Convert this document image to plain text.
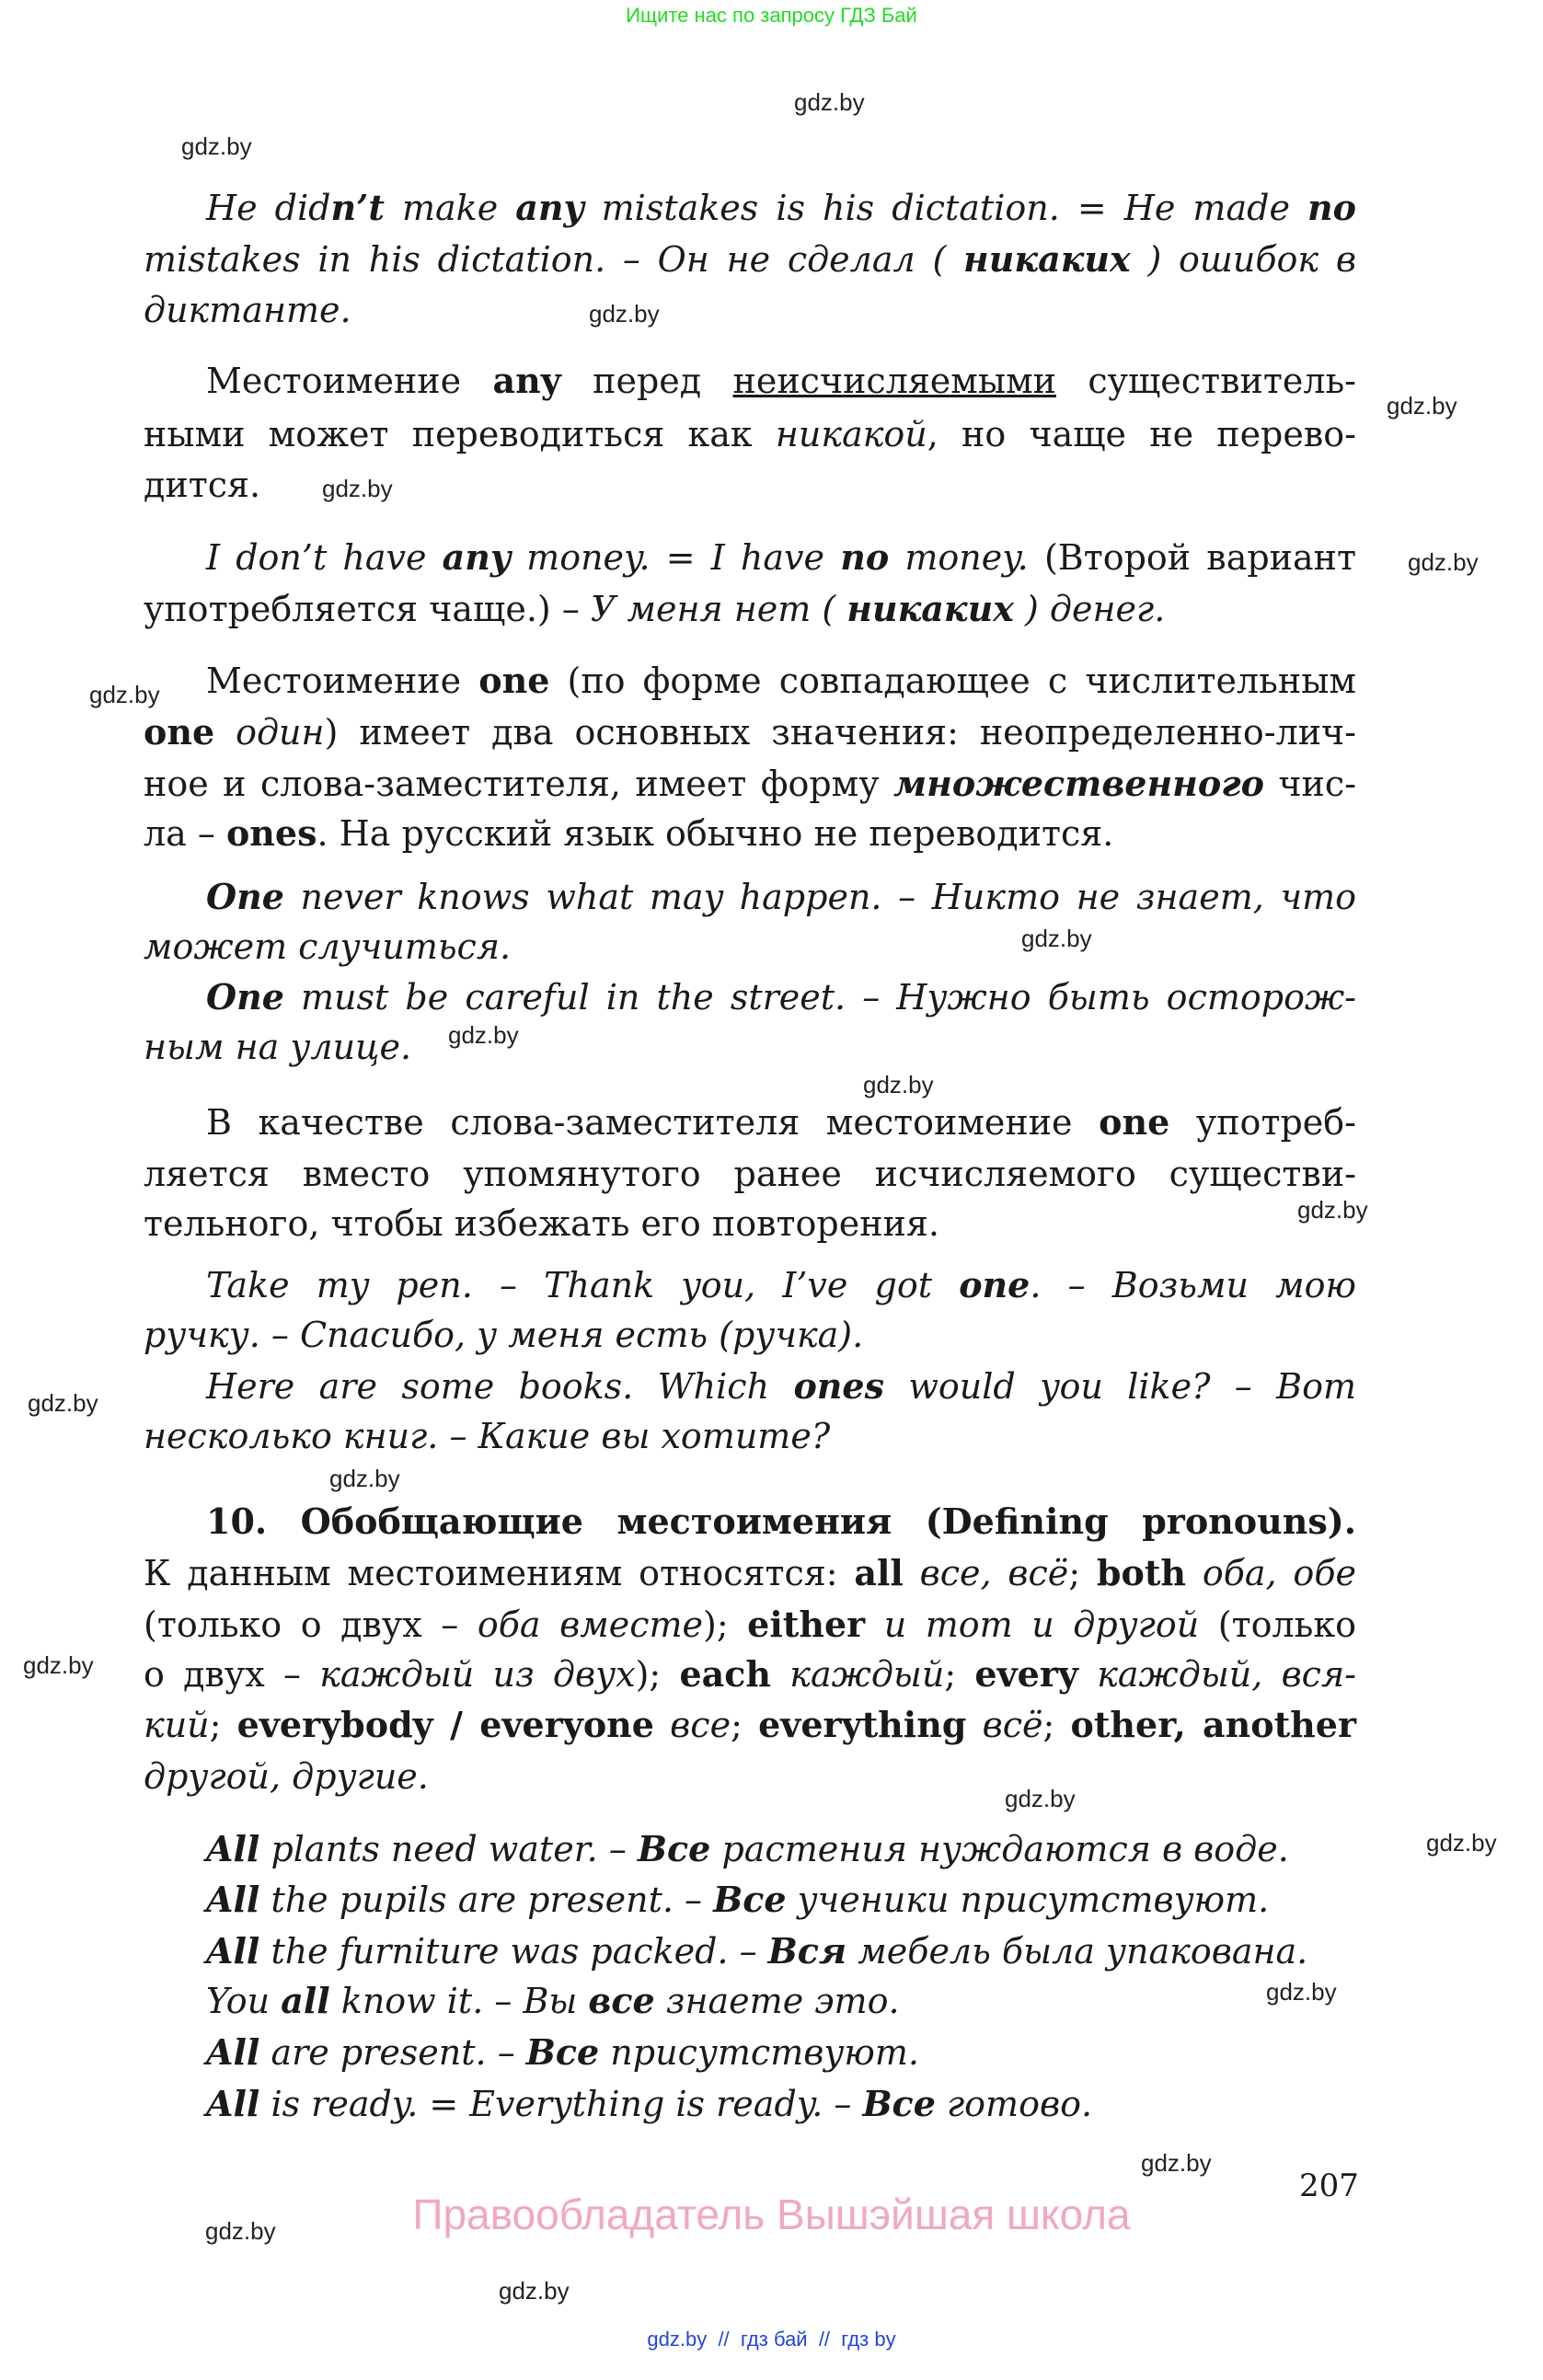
Ищите нас по запросу ГДЗ Бай
gdz.by
gdz.by
gdz.by
gdz.by
gdz.by
gdz.by
gdz.by
gdz.by
gdz.by
gdz.by
gdz.by
gdz.by
gdz.by
gdz.by
gdz.by
gdz.by
gdz.by
gdz.by
gdz.by
gdz.by
He didn’t make any mistakes is his dictation. = He made no
mistakes in his dictation. – Он не сделал ( никаких ) ошибок в
диктанте.
Местоимение any перед неисчисляемыми существитель-
ными может переводиться как никакой, но чаще не перево-
дится.
I don’t have any money. = I have no money. (Второй вариант
употребляется чаще.) – У меня нет ( никаких ) денег.
Местоимение one (по форме совпадающее с числительным
one один) имеет два основных значения: неопределенно-лич-
ное и слова-заместителя, имеет форму множественного чис-
ла – ones. На русский язык обычно не переводится.
One never knows what may happen. – Никто не знает, что
может случиться.
One must be careful in the street. – Нужно быть осторож-
ным на улице.
В качестве слова-заместителя местоимение one употреб-
ляется вместо упомянутого ранее исчисляемого существи-
тельного, чтобы избежать его повторения.
Take my pen. – Thank you, I’ve got one. – Возьми мою
ручку. – Спасибо, у меня есть (ручка).
Here are some books. Which ones would you like? – Вот
несколько книг. – Какие вы хотите?
10. Обобщающие местоимения (Defining pronouns).
К данным местоимениям относятся: all все, всё; both оба, обе
(только о двух – оба вместе); either и тот и другой (только
о двух – каждый из двух); each каждый; every каждый, вся-
кий; everybody / everyone все; everything всё; other, another
другой, другие.
All plants need water. – Все растения нуждаются в воде.
All the pupils are present. – Все ученики присутствуют.
All the furniture was packed. – Вся мебель была упакована.
You all know it. – Вы все знаете это.
All are present. – Все присутствуют.
All is ready. = Everything is ready. – Все готово.
207
Правообладатель Вышэйшая школа
gdz.by  //  гдз бай  //  гдз by
